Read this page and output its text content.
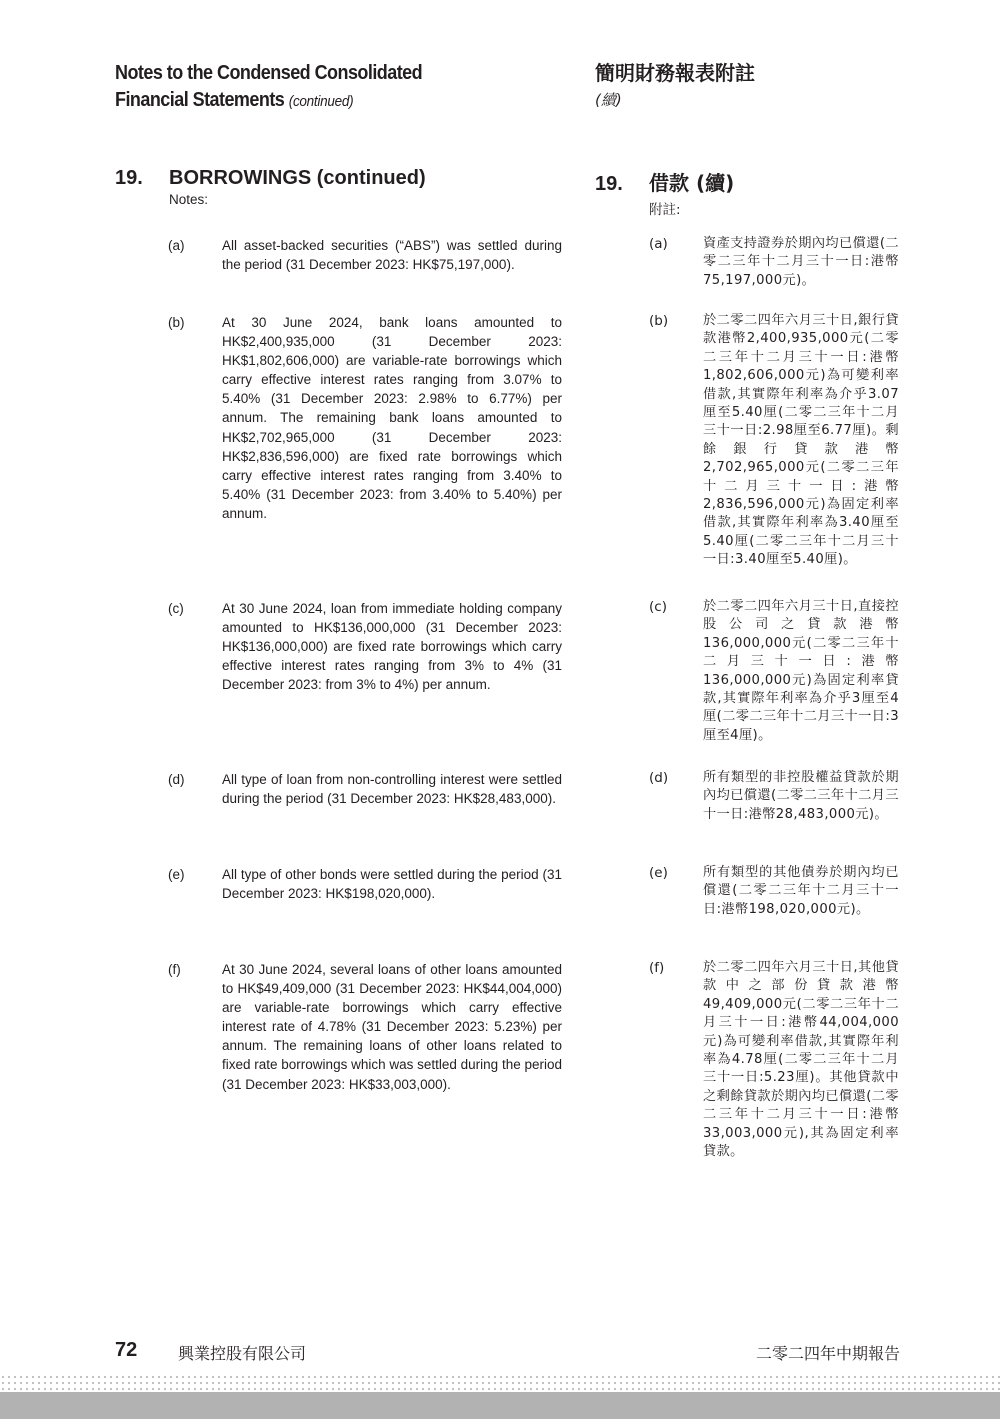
Notes to the Condensed Consolidated
Financial Statements (continued)
簡明財務報表附註
(續)
19.	BORROWINGS (continued)
Notes:
19.	借款 (續)
附註:
(a)	All asset-backed securities (“ABS”) was settled during the period (31 December 2023: HK$75,197,000).
(b)	At 30 June 2024, bank loans amounted to HK$2,400,935,000 (31 December 2023: HK$1,802,606,000) are variable-rate borrowings which carry effective interest rates ranging from 3.07% to 5.40% (31 December 2023: 2.98% to 6.77%) per annum. The remaining bank loans amounted to HK$2,702,965,000 (31 December 2023: HK$2,836,596,000) are fixed rate borrowings which carry effective interest rates ranging from 3.40% to 5.40% (31 December 2023: from 3.40% to 5.40%) per annum.
(c)	At 30 June 2024, loan from immediate holding company amounted to HK$136,000,000 (31 December 2023: HK$136,000,000) are fixed rate borrowings which carry effective interest rates ranging from 3% to 4% (31 December 2023: from 3% to 4%) per annum.
(d)	All type of loan from non-controlling interest were settled during the period (31 December 2023: HK$28,483,000).
(e)	All type of other bonds were settled during the period (31 December 2023: HK$198,020,000).
(f)	At 30 June 2024, several loans of other loans amounted to HK$49,409,000 (31 December 2023: HK$44,004,000) are variable-rate borrowings which carry effective interest rate of 4.78% (31 December 2023: 5.23%) per annum. The remaining loans of other loans related to fixed rate borrowings which was settled during the period (31 December 2023: HK$33,003,000).
(a)	資產支持證券於期內均已償還(二零二三年十二月三十一日:港幣75,197,000元)。
(b)	於二零二四年六月三十日,銀行貸款港幣2,400,935,000元(二零二三年十二月三十一日:港幣1,802,606,000元)為可變利率借款,其實際年利率為介乎3.07厘至5.40厘(二零二三年十二月三十一日:2.98厘至6.77厘)。剩餘銀行貸款港幣2,702,965,000元(二零二三年十二月三十一日:港幣2,836,596,000元)為固定利率借款,其實際年利率為3.40厘至5.40厘(二零二三年十二月三十一日:3.40厘至5.40厘)。
(c)	於二零二四年六月三十日,直接控股公司之貸款港幣136,000,000元(二零二三年十二月三十一日:港幣136,000,000元)為固定利率貸款,其實際年利率為介乎3厘至4厘(二零二三年十二月三十一日:3厘至4厘)。
(d)	所有類型的非控股權益貸款於期內均已償還(二零二三年十二月三十一日:港幣28,483,000元)。
(e)	所有類型的其他債券於期內均已償還(二零二三年十二月三十一日:港幣198,020,000元)。
(f)	於二零二四年六月三十日,其他貸款中之部份貸款港幣49,409,000元(二零二三年十二月三十一日:港幣44,004,000元)為可變利率借款,其實際年利率為4.78厘(二零二三年十二月三十一日:5.23厘)。其他貸款中之剩餘貸款於期內均已償還(二零二三年十二月三十一日:港幣33,003,000元),其為固定利率貸款。
72	興業控股有限公司	二零二四年中期報告
